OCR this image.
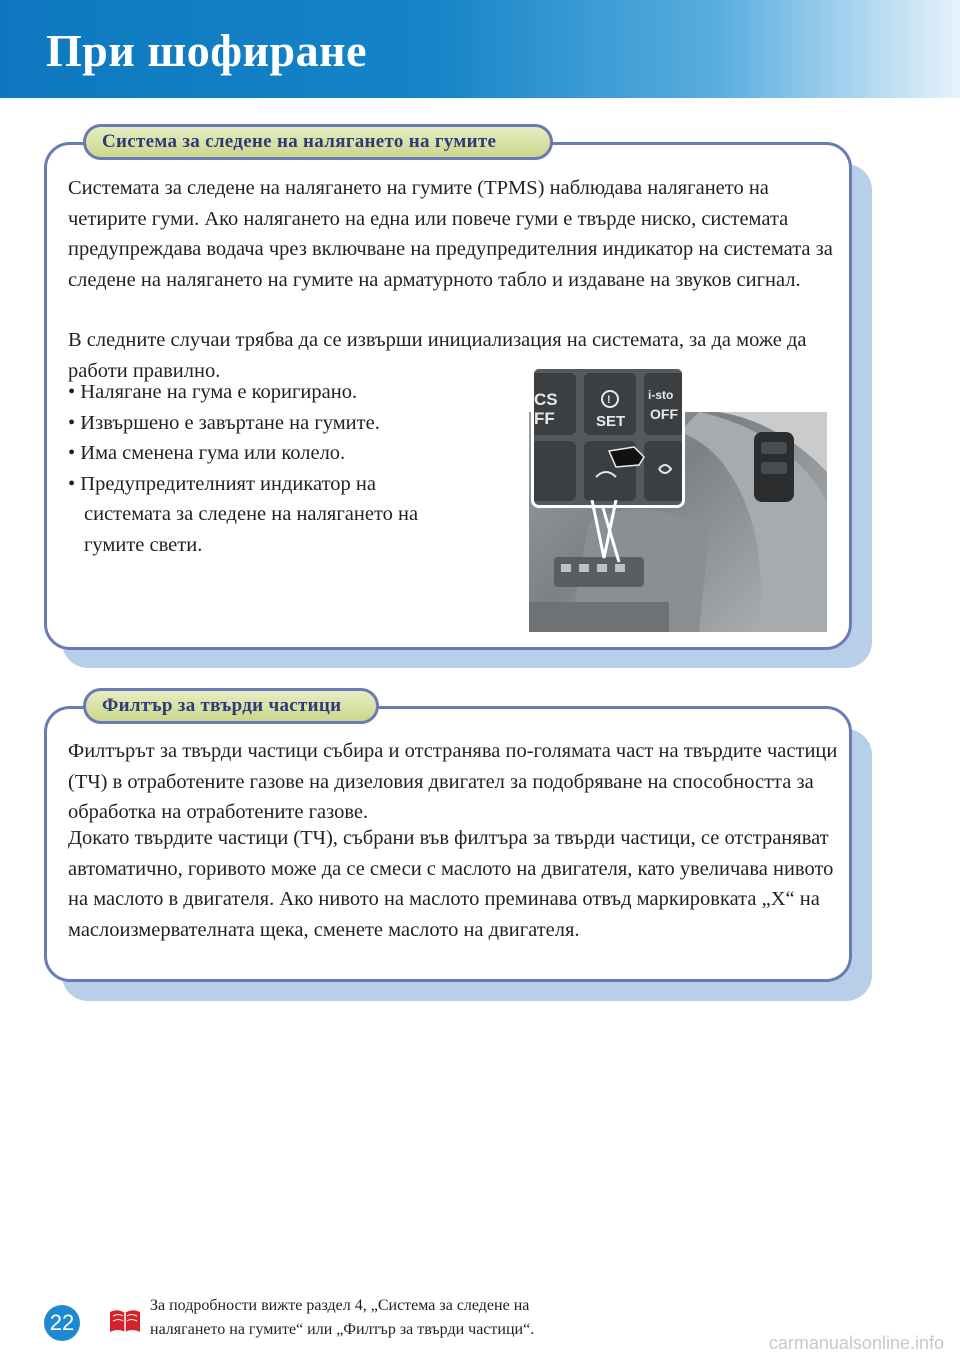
При шофиране
Система за следене на налягането на гумите

Системата за следене на налягането на гумите (TPMS) наблюдава налягането на четирите гуми. Ако налягането на една или повече гуми е твърде ниско, системата предупреждава водача чрез включване на предупредителния индикатор на системата за следене на налягането на гумите на арматурното табло и издаване на звуков сигнал.

В следните случаи трябва да се извърши инициализация на системата, за да може да работи правилно.

• Налягане на гума е коригирано.
• Извършено е завъртане на гумите.
• Има сменена гума или колело.
• Предупредителният индикатор на системата за следене на налягането на гумите свети.
CS
FF
!
SET
i-sto
OFF
Филтър за твърди частици

Филтърът за твърди частици събира и отстранява по-голямата част на твърдите частици (ТЧ) в отработените газове на дизеловия двигател за подобряване на способността за обработка на отработените газове.

Докато твърдите частици (ТЧ), събрани във филтъра за твърди частици, се отстраняват автоматично, горивото може да се смеси с маслото на двигателя, като увеличава нивото на маслото в двигателя. Ако нивото на маслото преминава отвъд маркировката „X“ на маслоизмервателната щека, сменете маслото на двигателя.

22

За подробности вижте раздел 4, „Система за следене на налягането на гумите“ или „Филтър за твърди частици“.

carmanualsonline.info
